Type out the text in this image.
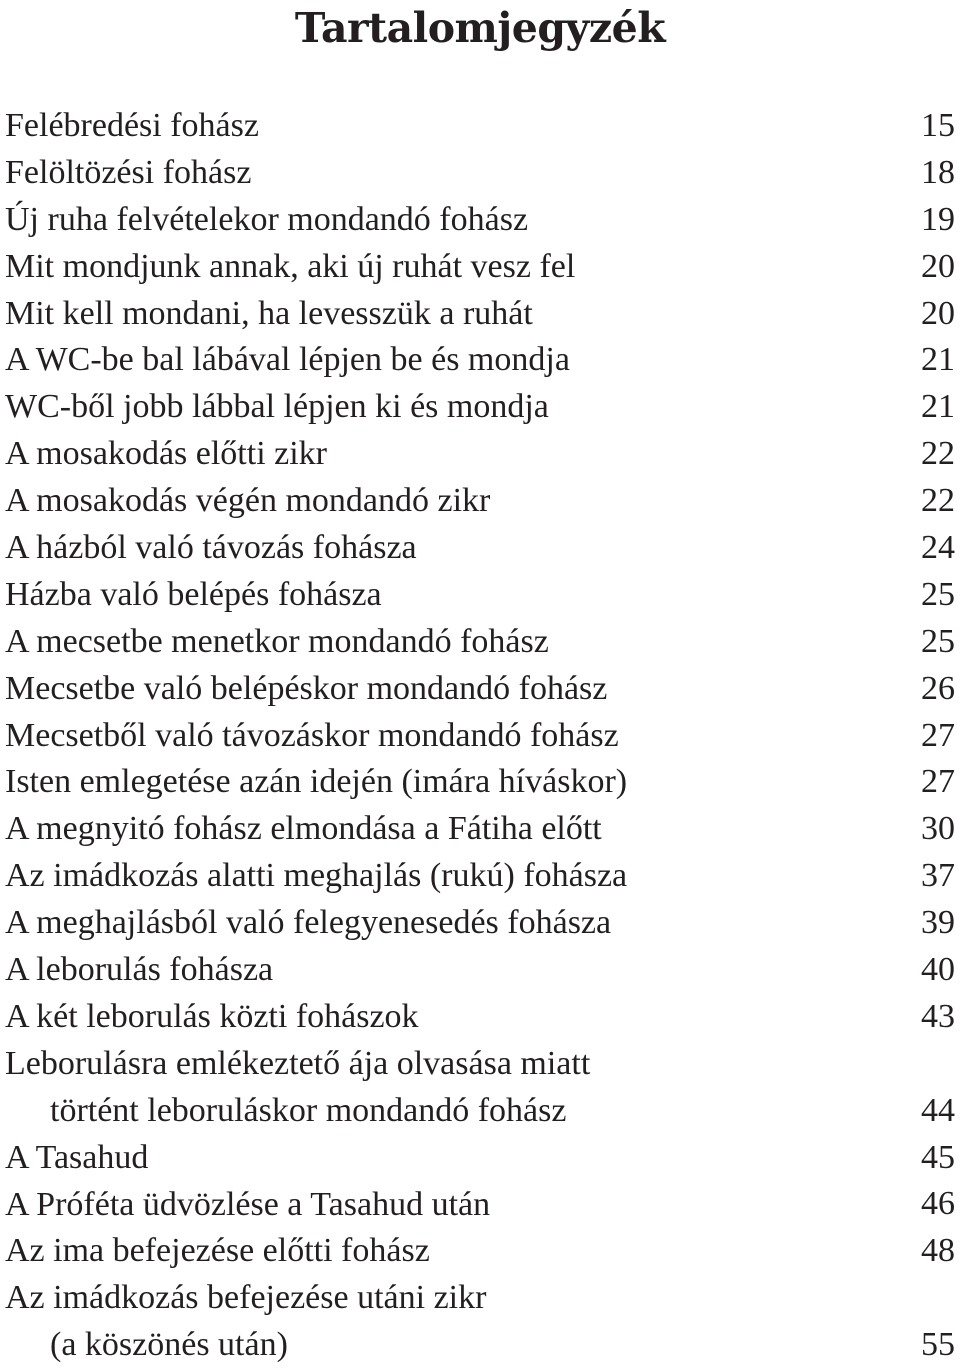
Tartalomjegyzék
Felébredési fohász	15
Felöltözési fohász	18
Új ruha felvételekor mondandó fohász	19
Mit mondjunk annak, aki új ruhát vesz fel	20
Mit kell mondani, ha levesszük a ruhát	20
A WC-be bal lábával lépjen be és mondja	21
WC-ből jobb lábbal lépjen ki és mondja	21
A mosakodás előtti zikr	22
A mosakodás végén mondandó zikr	22
A házból való távozás fohásza	24
Házba való belépés fohásza	25
A mecsetbe menetkor mondandó fohász	25
Mecsetbe való belépéskor mondandó fohász	26
Mecsetből való távozáskor mondandó fohász	27
Isten emlegetése azán idején (imára híváskor)	27
A megnyitó fohász elmondása a Fátiha előtt	30
Az imádkozás alatti meghajlás (rukú) fohásza	37
A meghajlásból való felegyenesedés fohásza	39
A leborulás fohásza	40
A két leborulás közti fohászok	43
Leborulásra emlékeztető ája olvasása miatt
történt leboruláskor mondandó fohász	44
A Tasahud	45
A Próféta üdvözlése a Tasahud után	46
Az ima befejezése előtti fohász	48
Az imádkozás befejezése utáni zikr
(a köszönés után)	55
